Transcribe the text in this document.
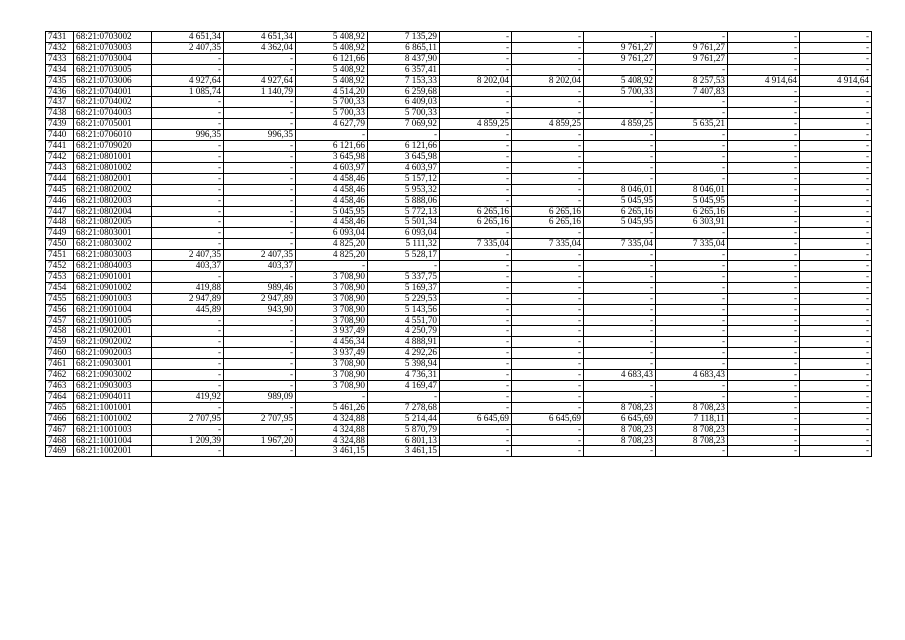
7431	68:21:0703002	4 651,34	4 651,34	5 408,92	7 135,29	-	-	-	-	-	-
7432	68:21:0703003	2 407,35	4 362,04	5 408,92	6 865,11	-	-	9 761,27	9 761,27	-	-
7433	68:21:0703004	-	-	6 121,66	8 437,90	-	-	9 761,27	9 761,27	-	-
7434	68:21:0703005	-	-	5 408,92	6 357,41	-	-	-	-	-	-
7435	68:21:0703006	4 927,64	4 927,64	5 408,92	7 153,33	8 202,04	8 202,04	5 408,92	8 257,53	4 914,64	4 914,64
7436	68:21:0704001	1 085,74	1 140,79	4 514,20	6 259,68	-	-	5 700,33	7 407,83	-	-
7437	68:21:0704002	-	-	5 700,33	6 409,03	-	-	-	-	-	-
7438	68:21:0704003	-	-	5 700,33	5 700,33	-	-	-	-	-	-
7439	68:21:0705001	-	-	4 627,79	7 069,92	4 859,25	4 859,25	4 859,25	5 635,21	-	-
7440	68:21:0706010	996,35	996,35	-	-	-	-	-	-	-	-
7441	68:21:0709020	-	-	6 121,66	6 121,66	-	-	-	-	-	-
7442	68:21:0801001	-	-	3 645,98	3 645,98	-	-	-	-	-	-
7443	68:21:0801002	-	-	4 603,97	4 603,97	-	-	-	-	-	-
7444	68:21:0802001	-	-	4 458,46	5 157,12	-	-	-	-	-	-
7445	68:21:0802002	-	-	4 458,46	5 953,32	-	-	8 046,01	8 046,01	-	-
7446	68:21:0802003	-	-	4 458,46	5 888,06	-	-	5 045,95	5 045,95	-	-
7447	68:21:0802004	-	-	5 045,95	5 772,13	6 265,16	6 265,16	6 265,16	6 265,16	-	-
7448	68:21:0802005	-	-	4 458,46	5 501,34	6 265,16	6 265,16	5 045,95	6 303,91	-	-
7449	68:21:0803001	-	-	6 093,04	6 093,04	-	-	-	-	-	-
7450	68:21:0803002	-	-	4 825,20	5 111,32	7 335,04	7 335,04	7 335,04	7 335,04	-	-
7451	68:21:0803003	2 407,35	2 407,35	4 825,20	5 528,17	-	-	-	-	-	-
7452	68:21:0804003	403,37	403,37	-	-	-	-	-	-	-	-
7453	68:21:0901001	-	-	3 708,90	5 337,75	-	-	-	-	-	-
7454	68:21:0901002	419,88	989,46	3 708,90	5 169,37	-	-	-	-	-	-
7455	68:21:0901003	2 947,89	2 947,89	3 708,90	5 229,53	-	-	-	-	-	-
7456	68:21:0901004	445,89	943,90	3 708,90	5 143,56	-	-	-	-	-	-
7457	68:21:0901005	-	-	3 708,90	4 551,70	-	-	-	-	-	-
7458	68:21:0902001	-	-	3 937,49	4 250,79	-	-	-	-	-	-
7459	68:21:0902002	-	-	4 456,34	4 888,91	-	-	-	-	-	-
7460	68:21:0902003	-	-	3 937,49	4 292,26	-	-	-	-	-	-
7461	68:21:0903001	-	-	3 708,90	5 398,94	-	-	-	-	-	-
7462	68:21:0903002	-	-	3 708,90	4 736,31	-	-	4 683,43	4 683,43	-	-
7463	68:21:0903003	-	-	3 708,90	4 169,47	-	-	-	-	-	-
7464	68:21:0904011	419,92	989,09	-	-	-	-	-	-	-	-
7465	68:21:1001001	-	-	5 461,26	7 278,68	-	-	8 708,23	8 708,23	-	-
7466	68:21:1001002	2 707,95	2 707,95	4 324,88	5 214,44	6 645,69	6 645,69	6 645,69	7 118,11	-	-
7467	68:21:1001003	-	-	4 324,88	5 870,79	-	-	8 708,23	8 708,23	-	-
7468	68:21:1001004	1 209,39	1 967,20	4 324,88	6 801,13	-	-	8 708,23	8 708,23	-	-
7469	68:21:1002001	-	-	3 461,15	3 461,15	-	-	-	-	-	-
